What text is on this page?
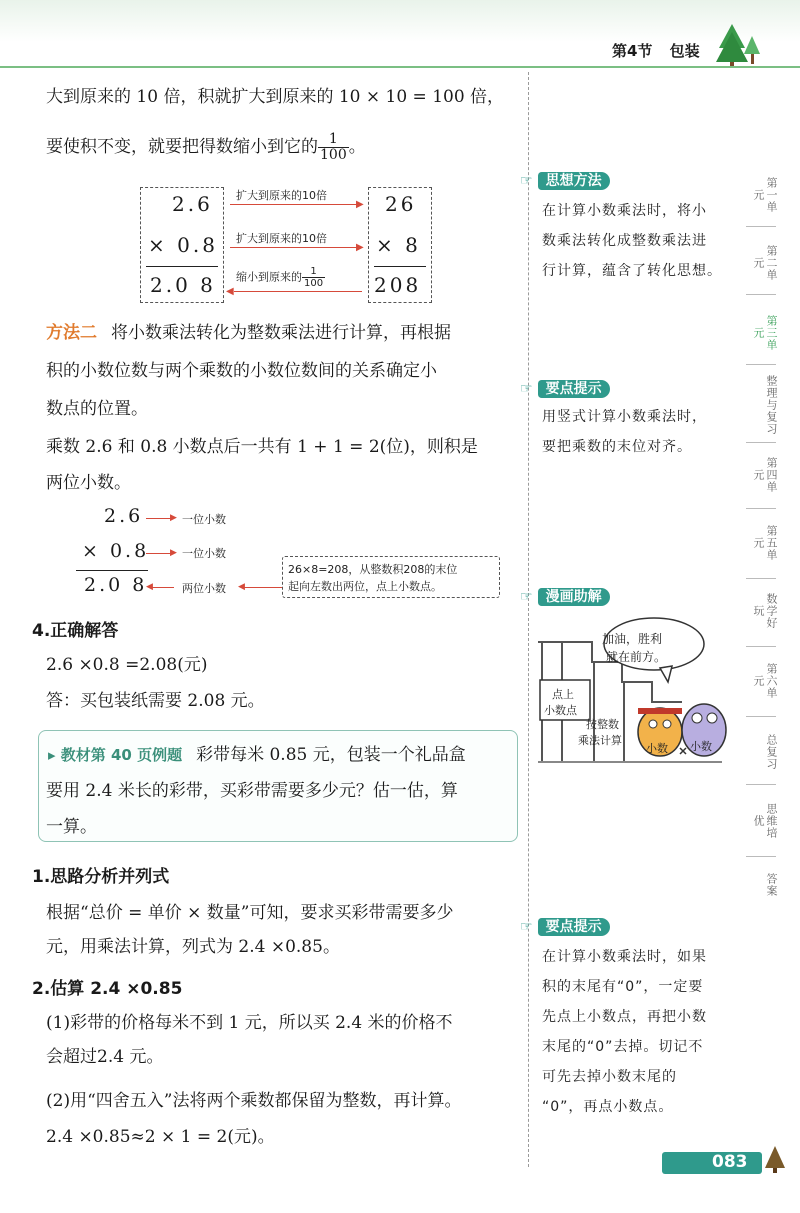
第4节 包装
大到原来的 10 倍，积就扩大到原来的 10 × 10 = 100 倍，
要使积不变，就要把得数缩小到它的 $\frac{1}{100}$ 。
2.6
× 0.8
2.0 8
26
× 8
208
扩大到原来的10倍
▶
扩大到原来的10倍
▶
缩小到原来的 $\frac{1}{100}$
◀
方法二 将小数乘法转化为整数乘法进行计算，再根据
积的小数位数与两个乘数的小数位数间的关系确定小
数点的位置。
乘数 2.6 和 0.8 小数点后一共有 1 + 1 = 2(位)，则积是
两位小数。
2.6	▶ 一位小数
× 0.8 ▶ 一位小数
2.0 8
◀	两位小数 ◀
26×8=208，从整数积208的末位
起向左数出两位，点上小数点。
4.正确解答
2.6 ×0.8 =2.08(元)
答：买包装纸需要 2.08 元。
▸ 教材第 40 页例题 彩带每米 0.85 元，包装一个礼品盒
要用 2.4 米长的彩带，买彩带需要多少元？估一估，算
一算。
1.思路分析并列式
根据“总价 = 单价 × 数量”可知，要求买彩带需要多少
元，用乘法计算，列式为 2.4 ×0.85。
2.估算 2.4 ×0.85
(1)彩带的价格每米不到 1 元，所以买 2.4 米的价格不
会超过2.4 元。
(2)用“四舍五入”法将两个乘数都保留为整数，再计算。
2.4 ×0.85≈2 × 1 = 2(元)。
☞ 思想方法
在计算小数乘法时，将小
数乘法转化成整数乘法进
行计算，蕴含了转化思想。
☞ 要点提示
用竖式计算小数乘法时，
要把乘数的末位对齐。
☞ 漫画助解
加油，胜利
就在前方。
点上
小数点
按整数
乘法计算
小数 小数
☞ 要点提示
在计算小数乘法时，如果
积的末尾有“0”，一定要
先点上小数点，再把小数
末尾的“0”去掉。切记不
可先去掉小数末尾的
“0”，再点小数点。
第一单元
第二单元
第三单元
整理与复习
第四单元
第五单元
数学好玩
第六单元
总复习
思维培优
答案
083
